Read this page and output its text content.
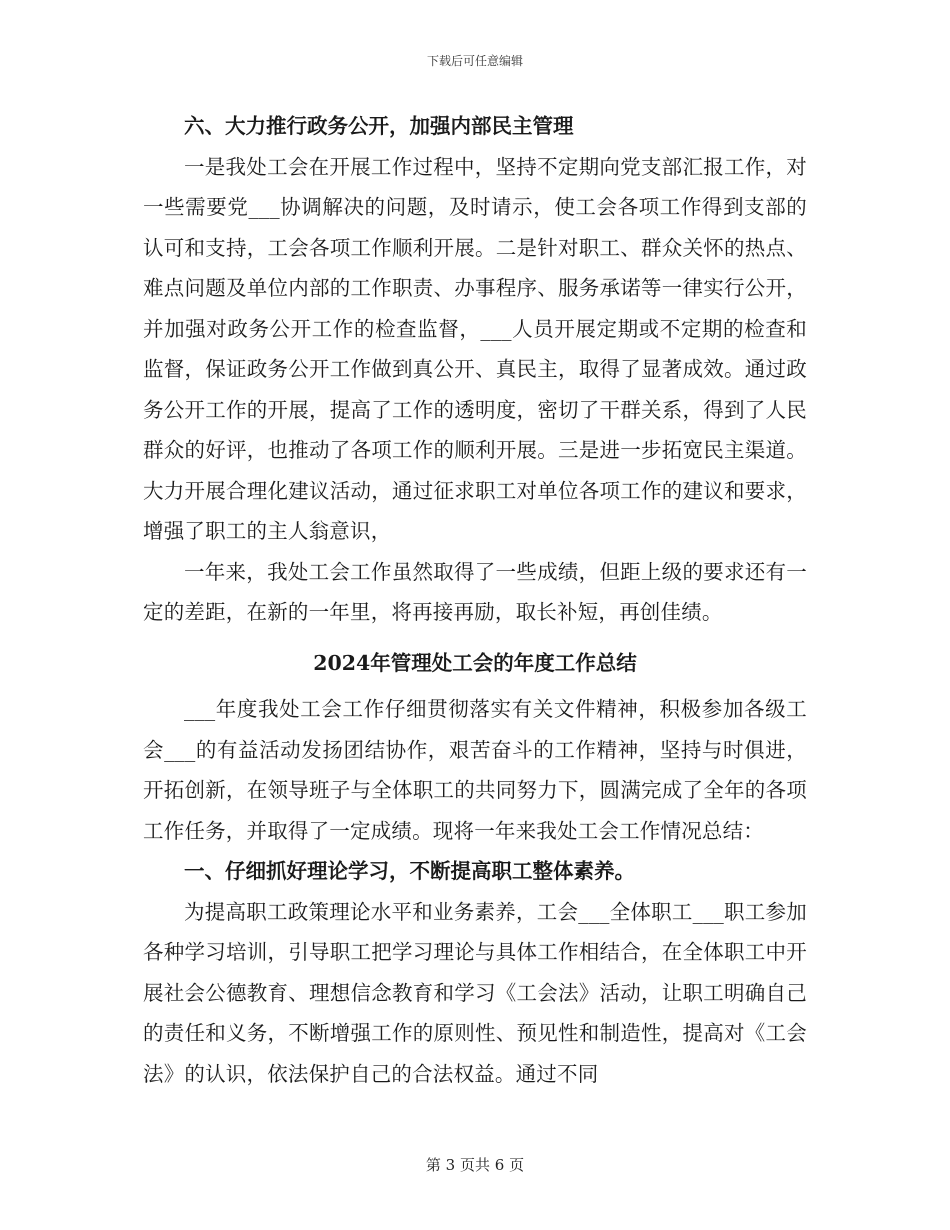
下载后可任意编辑

六、大力推行政务公开，加强内部民主管理

一是我处工会在开展工作过程中，坚持不定期向党支部汇报工作，对一些需要党___协调解决的问题，及时请示，使工会各项工作得到支部的认可和支持，工会各项工作顺利开展。二是针对职工、群众关怀的热点、难点问题及单位内部的工作职责、办事程序、服务承诺等一律实行公开，并加强对政务公开工作的检查监督，___人员开展定期或不定期的检查和监督，保证政务公开工作做到真公开、真民主，取得了显著成效。通过政务公开工作的开展，提高了工作的透明度，密切了干群关系，得到了人民群众的好评，也推动了各项工作的顺利开展。三是进一步拓宽民主渠道。大力开展合理化建议活动，通过征求职工对单位各项工作的建议和要求，增强了职工的主人翁意识，

一年来，我处工会工作虽然取得了一些成绩，但距上级的要求还有一定的差距，在新的一年里，将再接再励，取长补短，再创佳绩。

2024年管理处工会的年度工作总结

___年度我处工会工作仔细贯彻落实有关文件精神，积极参加各级工会___的有益活动发扬团结协作，艰苦奋斗的工作精神，坚持与时俱进，开拓创新，在领导班子与全体职工的共同努力下，圆满完成了全年的各项工作任务，并取得了一定成绩。现将一年来我处工会工作情况总结：

一、仔细抓好理论学习，不断提高职工整体素养。

为提高职工政策理论水平和业务素养，工会___全体职工___职工参加各种学习培训，引导职工把学习理论与具体工作相结合，在全体职工中开展社会公德教育、理想信念教育和学习《工会法》活动，让职工明确自己的责任和义务，不断增强工作的原则性、预见性和制造性，提高对《工会法》的认识，依法保护自己的合法权益。通过不同

第 3 页共 6 页
